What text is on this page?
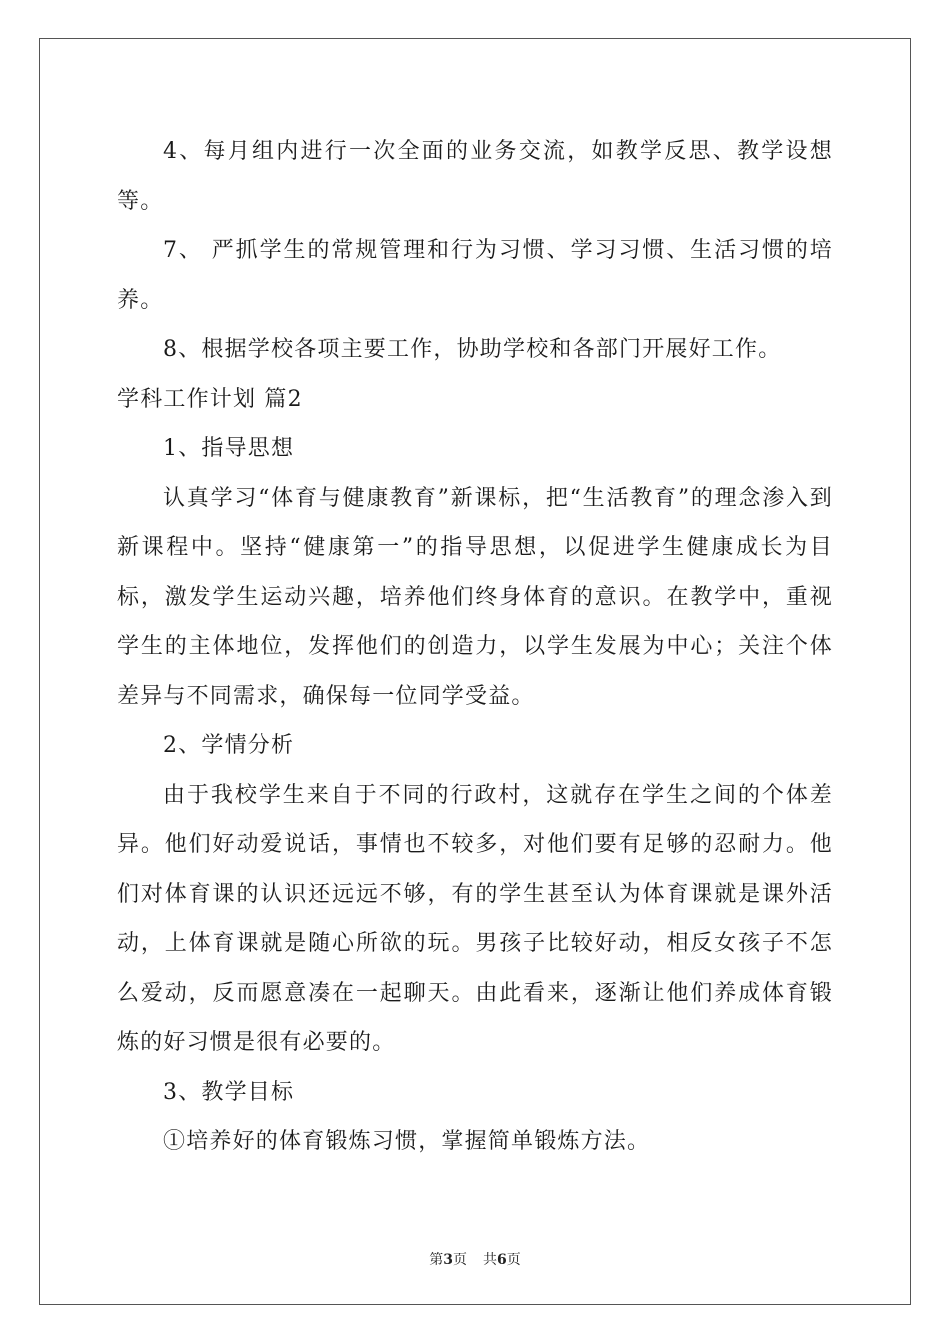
4、每月组内进行一次全面的业务交流，如教学反思、教学设想等。

7、 严抓学生的常规管理和行为习惯、学习习惯、生活习惯的培养。

8、根据学校各项主要工作，协助学校和各部门开展好工作。

学科工作计划 篇2

1、指导思想

认真学习“体育与健康教育”新课标，把“生活教育”的理念渗入到新课程中。坚持“健康第一”的指导思想，以促进学生健康成长为目标，激发学生运动兴趣，培养他们终身体育的意识。在教学中，重视学生的主体地位，发挥他们的创造力，以学生发展为中心；关注个体差异与不同需求，确保每一位同学受益。

2、学情分析

由于我校学生来自于不同的行政村，这就存在学生之间的个体差异。他们好动爱说话，事情也不较多，对他们要有足够的忍耐力。他们对体育课的认识还远远不够，有的学生甚至认为体育课就是课外活动，上体育课就是随心所欲的玩。男孩子比较好动，相反女孩子不怎么爱动，反而愿意凑在一起聊天。由此看来，逐渐让他们养成体育锻炼的好习惯是很有必要的。

3、教学目标

①培养好的体育锻炼习惯，掌握简单锻炼方法。

第3页 共6页
